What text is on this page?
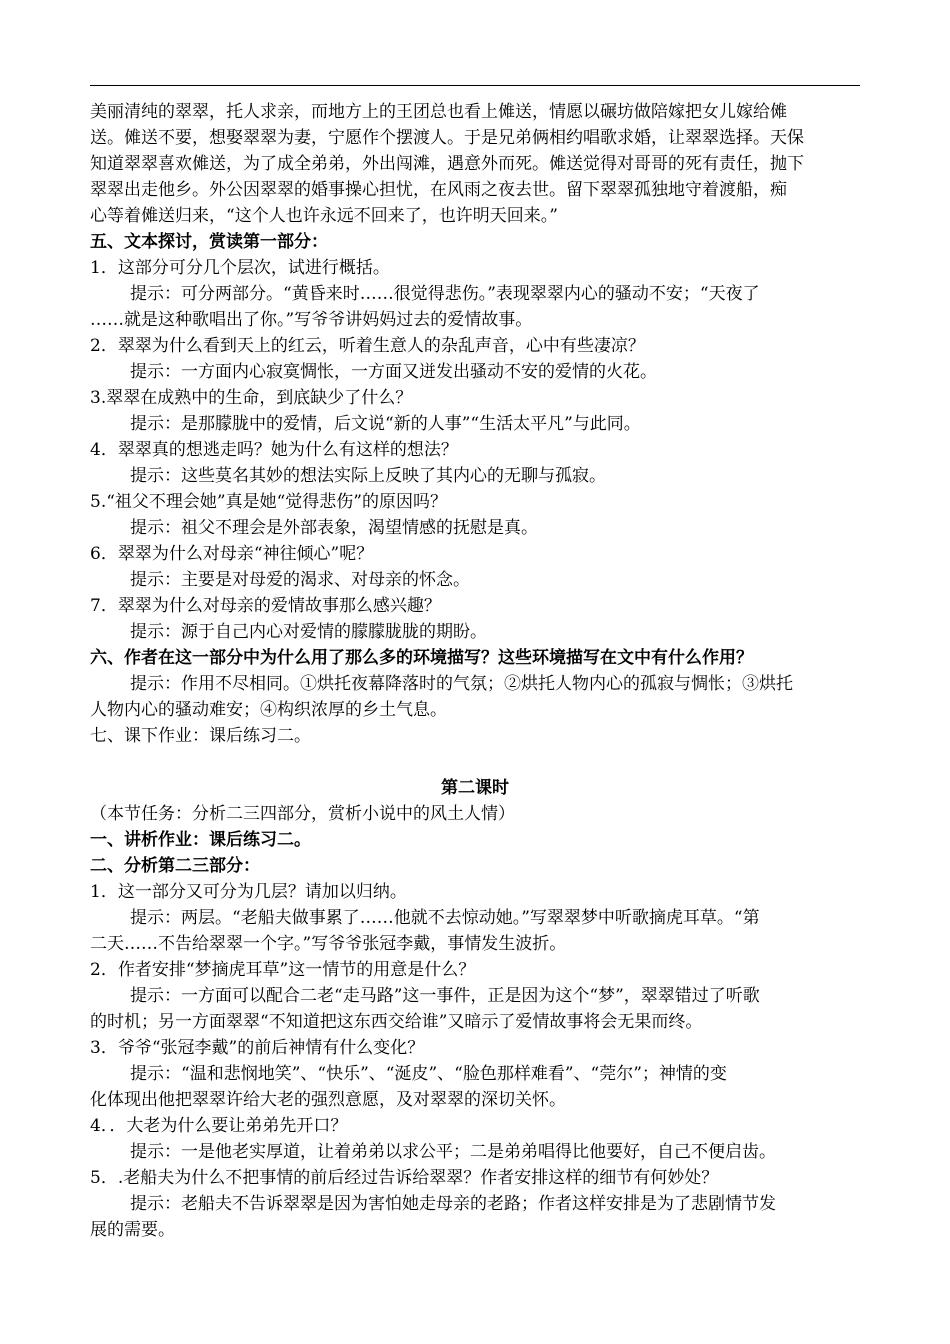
美丽清纯的翠翠，托人求亲，而地方上的王团总也看上傩送，情愿以碾坊做陪嫁把女儿嫁给傩

送。傩送不要，想娶翠翠为妻，宁愿作个摆渡人。于是兄弟俩相约唱歌求婚，让翠翠选择。天保

知道翠翠喜欢傩送，为了成全弟弟，外出闯滩，遇意外而死。傩送觉得对哥哥的死有责任，抛下

翠翠出走他乡。外公因翠翠的婚事操心担忧，在风雨之夜去世。留下翠翠孤独地守着渡船，痴

心等着傩送归来，“这个人也许永远不回来了，也许明天回来。”

五、文本探讨，赏读第一部分：

1．这部分可分几个层次，试进行概括。

提示：可分两部分。“黄昏来时……很觉得悲伤。”表现翠翠内心的骚动不安；“天夜了

……就是这种歌唱出了你。”写爷爷讲妈妈过去的爱情故事。

2．翠翠为什么看到天上的红云，听着生意人的杂乱声音，心中有些凄凉？

提示：一方面内心寂寞惆怅，一方面又迸发出骚动不安的爱情的火花。

3.翠翠在成熟中的生命，到底缺少了什么？

提示：是那朦胧中的爱情，后文说“新的人事”“生活太平凡”与此同。

4．翠翠真的想逃走吗？她为什么有这样的想法？

提示：这些莫名其妙的想法实际上反映了其内心的无聊与孤寂。

5.“祖父不理会她”真是她“觉得悲伤”的原因吗？

提示：祖父不理会是外部表象，渴望情感的抚慰是真。

6．翠翠为什么对母亲“神往倾心”呢？

提示：主要是对母爱的渴求、对母亲的怀念。

7．翠翠为什么对母亲的爱情故事那么感兴趣？

提示：源于自己内心对爱情的朦朦胧胧的期盼。

六、作者在这一部分中为什么用了那么多的环境描写？这些环境描写在文中有什么作用？

提示：作用不尽相同。①烘托夜幕降落时的气氛；②烘托人物内心的孤寂与惆怅；③烘托

人物内心的骚动难安；④构织浓厚的乡土气息。

七、课下作业：课后练习二。

第二课时

（本节任务：分析二三四部分，赏析小说中的风土人情）

一、讲析作业：课后练习二。

二、分析第二三部分：

1．这一部分又可分为几层？请加以归纳。

提示：两层。“老船夫做事累了……他就不去惊动她。”写翠翠梦中听歌摘虎耳草。“第

二天……不告给翠翠一个字。”写爷爷张冠李戴，事情发生波折。

2．作者安排“梦摘虎耳草”这一情节的用意是什么？

提示：一方面可以配合二老“走马路”这一事件，正是因为这个“梦”，翠翠错过了听歌

的时机；另一方面翠翠“不知道把这东西交给谁”又暗示了爱情故事将会无果而终。

3．爷爷“张冠李戴”的前后神情有什么变化？

提示：“温和悲悯地笑”、“快乐”、“涎皮”、“脸色那样难看”、“莞尔”；神情的变

化体现出他把翠翠许给大老的强烈意愿，及对翠翠的深切关怀。

4．．大老为什么要让弟弟先开口？

提示：一是他老实厚道，让着弟弟以求公平；二是弟弟唱得比他要好，自己不便启齿。

5．.老船夫为什么不把事情的前后经过告诉给翠翠？作者安排这样的细节有何妙处？

提示：老船夫不告诉翠翠是因为害怕她走母亲的老路；作者这样安排是为了悲剧情节发

展的需要。
